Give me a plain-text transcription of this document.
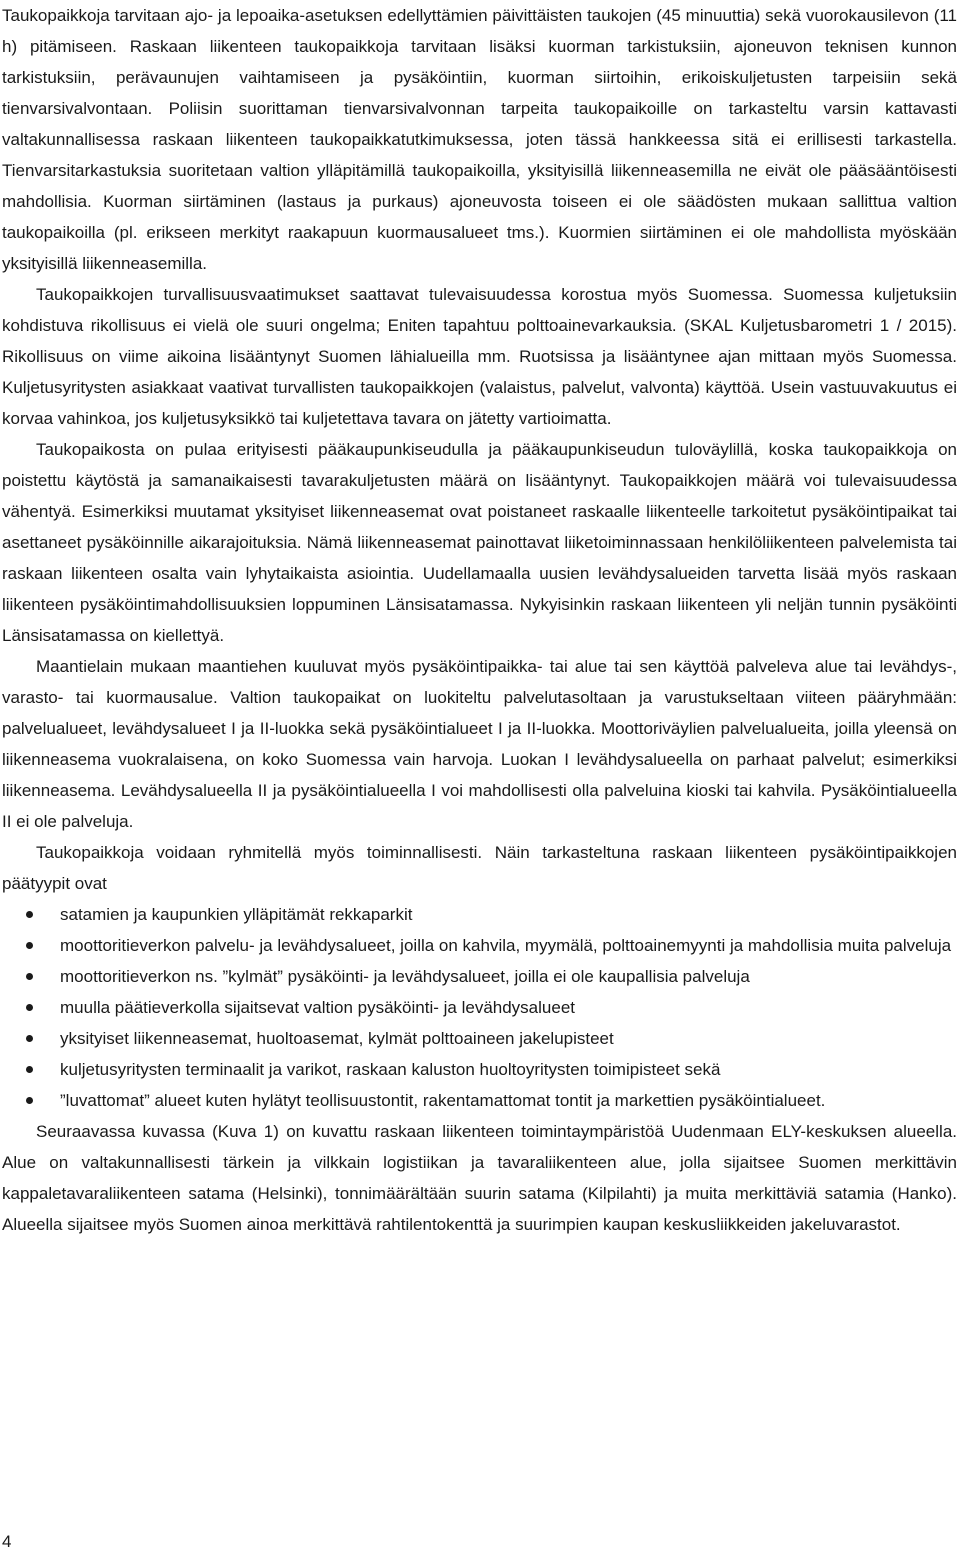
Taukopaikkoja tarvitaan ajo- ja lepoaika-asetuksen edellyttämien päivittäisten taukojen (45 minuuttia) sekä vuorokausilevon (11 h) pitämiseen. Raskaan liikenteen taukopaikkoja tarvitaan lisäksi kuorman tarkistuksiin, ajoneuvon teknisen kunnon tarkistuksiin, perävaunujen vaihtamiseen ja pysäköintiin, kuorman siirtoihin, erikoiskuljetusten tarpeisiin sekä tienvarsivalvontaan. Poliisin suorittaman tienvarsivalvonnan tarpeita taukopaikoille on tarkasteltu varsin kattavasti valtakunnallisessa raskaan liikenteen taukopaikkatutkimuksessa, joten tässä hankkeessa sitä ei erillisesti tarkastella. Tienvarsitarkastuksia suoritetaan valtion ylläpitämillä taukopaikoilla, yksityisillä liikenneasemilla ne eivät ole pääsääntöisesti mahdollisia. Kuorman siirtäminen (lastaus ja purkaus) ajoneuvosta toiseen ei ole säädösten mukaan sallittua valtion taukopaikoilla (pl. erikseen merkityt raakapuun kuormausalueet tms.). Kuormien siirtäminen ei ole mahdollista myöskään yksityisillä liikenneasemilla.

Taukopaikkojen turvallisuusvaatimukset saattavat tulevaisuudessa korostua myös Suomessa. Suomessa kuljetuksiin kohdistuva rikollisuus ei vielä ole suuri ongelma; Eniten tapahtuu polttoainevarkauksia. (SKAL Kuljetusbarometri 1 / 2015). Rikollisuus on viime aikoina lisääntynyt Suomen lähialueilla mm. Ruotsissa ja lisääntynee ajan mittaan myös Suomessa. Kuljetusyritysten asiakkaat vaativat turvallisten taukopaikkojen (valaistus, palvelut, valvonta) käyttöä. Usein vastuuvakuutus ei korvaa vahinkoa, jos kuljetusyksikkö tai kuljetettava tavara on jätetty vartioimatta.

Taukopaikosta on pulaa erityisesti pääkaupunkiseudulla ja pääkaupunkiseudun tuloväylillä, koska taukopaikkoja on poistettu käytöstä ja samanaikaisesti tavarakuljetusten määrä on lisääntynyt. Taukopaikkojen määrä voi tulevaisuudessa vähentyä. Esimerkiksi muutamat yksityiset liikenneasemat ovat poistaneet raskaalle liikenteelle tarkoitetut pysäköintipaikat tai asettaneet pysäköinnille aikarajoituksia. Nämä liikenneasemat painottavat liiketoiminnassaan henkilöliikenteen palvelemista tai raskaan liikenteen osalta vain lyhytaikaista asiointia. Uudellamaalla uusien levähdysalueiden tarvetta lisää myös raskaan liikenteen pysäköintimahdollisuuksien loppuminen Länsisatamassa. Nykyisinkin raskaan liikenteen yli neljän tunnin pysäköinti Länsisatamassa on kiellettyä.

Maantielain mukaan maantiehen kuuluvat myös pysäköintipaikka- tai alue tai sen käyttöä palveleva alue tai levähdys-, varasto- tai kuormausalue. Valtion taukopaikat on luokiteltu palvelutasoltaan ja varustukseltaan viiteen pääryhmään: palvelualueet, levähdysalueet I ja II-luokka sekä pysäköintialueet I ja II-luokka. Moottoriväylien palvelualueita, joilla yleensä on liikenneasema vuokralaisena, on koko Suomessa vain harvoja. Luokan I levähdysalueella on parhaat palvelut; esimerkiksi liikenneasema. Levähdysalueella II ja pysäköintialueella I voi mahdollisesti olla palveluina kioski tai kahvila. Pysäköintialueella II ei ole palveluja.

Taukopaikkoja voidaan ryhmitellä myös toiminnallisesti. Näin tarkasteltuna raskaan liikenteen pysäköintipaikkojen päätyypit ovat

satamien ja kaupunkien ylläpitämät rekkaparkit
moottoritieverkon palvelu- ja levähdysalueet, joilla on kahvila, myymälä, polttoainemyynti ja mahdollisia muita palveluja
moottoritieverkon ns. ”kylmät” pysäköinti- ja levähdysalueet, joilla ei ole kaupallisia palveluja
muulla päätieverkolla sijaitsevat valtion pysäköinti- ja levähdysalueet
yksityiset liikenneasemat, huoltoasemat, kylmät polttoaineen jakelupisteet
kuljetusyritysten terminaalit ja varikot, raskaan kaluston huoltoyritysten toimipisteet sekä
”luvattomat” alueet kuten hylätyt teollisuustontit, rakentamattomat tontit ja markettien pysäköintialueet.

Seuraavassa kuvassa (Kuva 1) on kuvattu raskaan liikenteen toimintaympäristöä Uudenmaan ELY-keskuksen alueella. Alue on valtakunnallisesti tärkein ja vilkkain logistiikan ja tavaraliikenteen alue, jolla sijaitsee Suomen merkittävin kappaletavaraliikenteen satama (Helsinki), tonnimäärältään suurin satama (Kilpilahti) ja muita merkittäviä satamia (Hanko). Alueella sijaitsee myös Suomen ainoa merkittävä rahtilentokenttä ja suurimpien kaupan keskusliikkeiden jakeluvarastot.

4
